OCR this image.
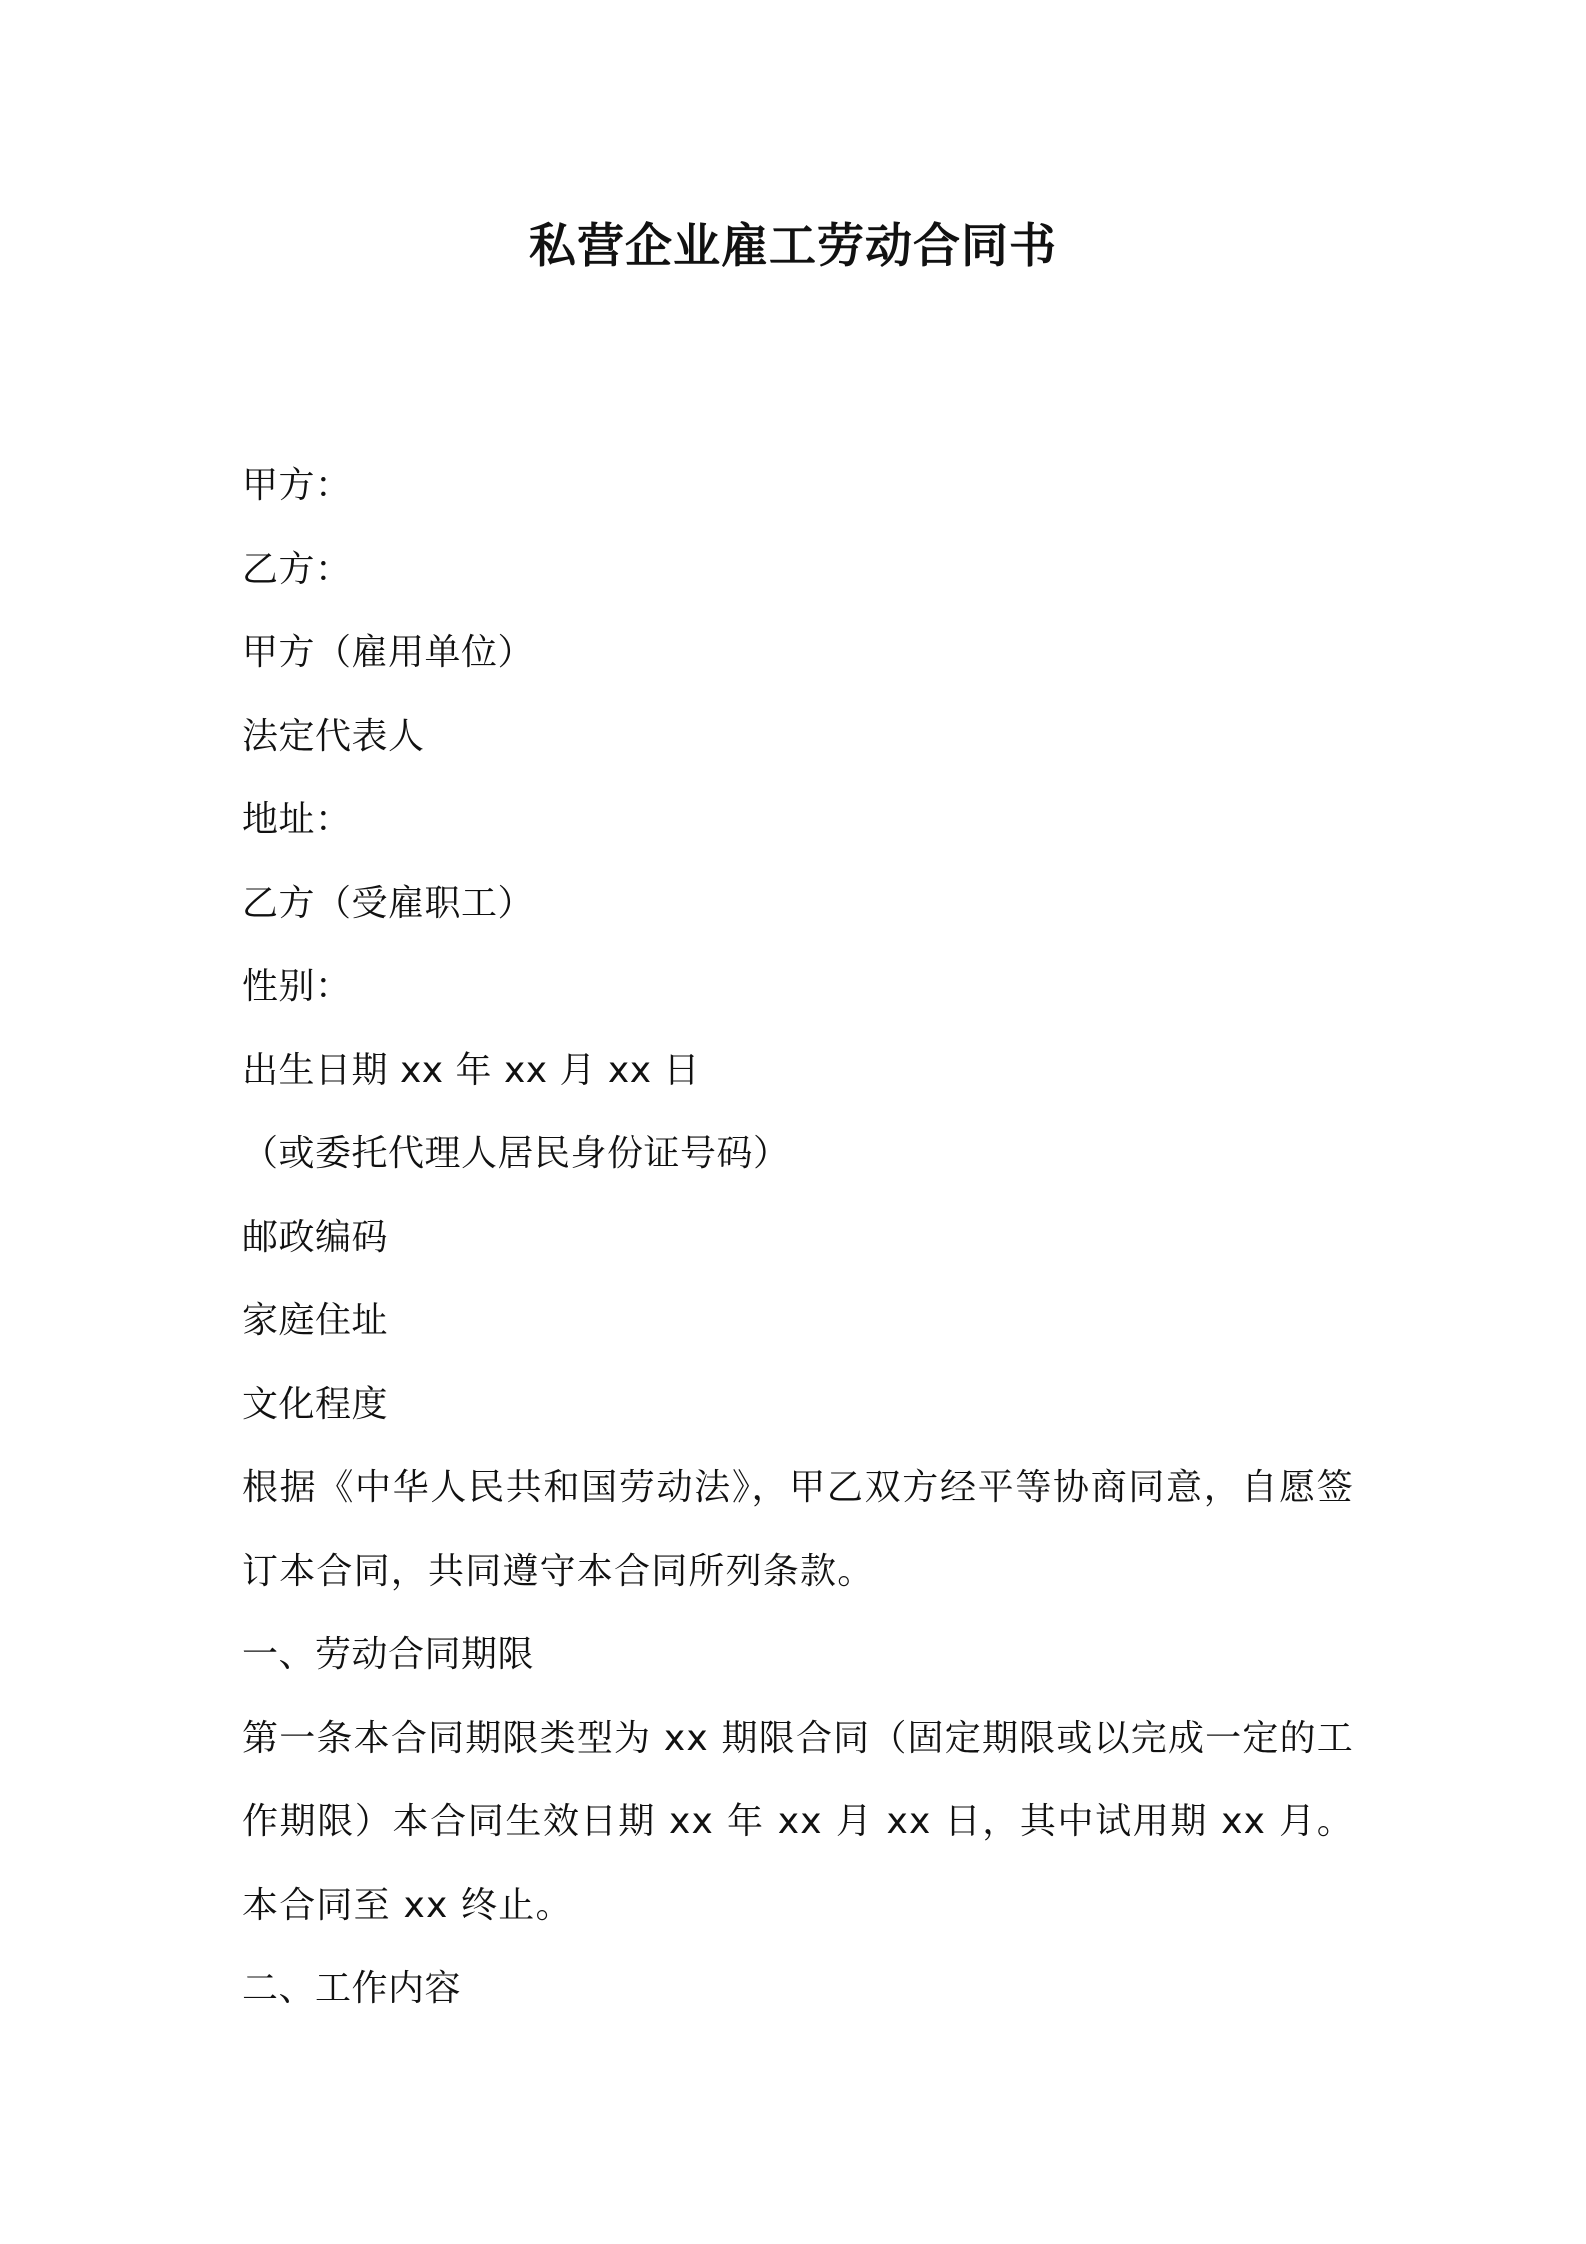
私营企业雇工劳动合同书
甲方：
乙方：
甲方（雇用单位）
法定代表人
地址：
乙方（受雇职工）
性别：
出生日期 xx 年 xx 月 xx 日
（或委托代理人居民身份证号码）
邮政编码
家庭住址
文化程度
根据《中华人民共和国劳动法》，甲乙双方经平等协商同意，自愿签订本合同，共同遵守本合同所列条款。
一、劳动合同期限
第一条本合同期限类型为 xx 期限合同（固定期限或以完成一定的工作期限）本合同生效日期 xx 年 xx 月 xx 日，其中试用期 xx 月。本合同至 xx 终止。
二、工作内容
